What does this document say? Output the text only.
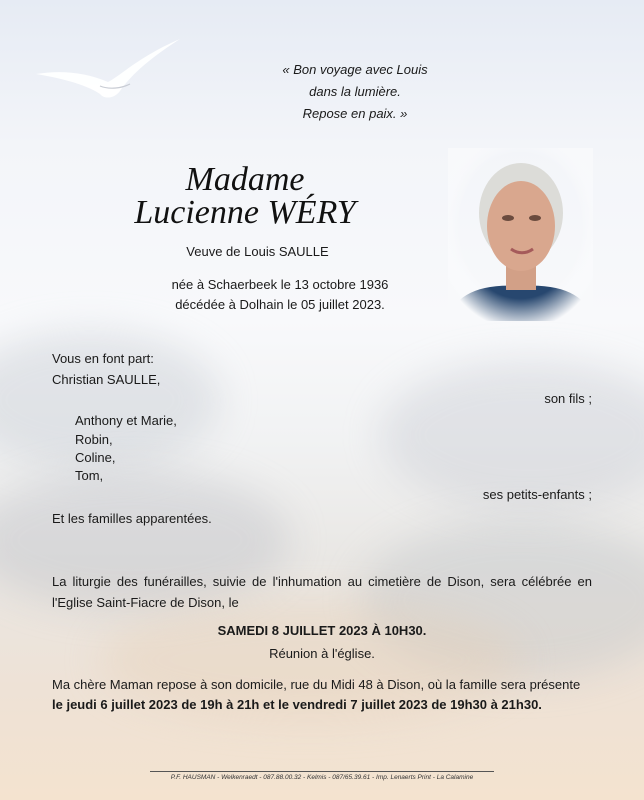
« Bon voyage avec Louis
dans la lumière.
Repose en paix. »
Madame
Lucienne WÉRY
Veuve de Louis SAULLE
née à Schaerbeek le 13 octobre 1936
décédée à Dolhain le 05 juillet 2023.
Vous en font part:
Christian SAULLE,
son fils ;
Anthony et Marie,
Robin,
Coline,
Tom,
ses petits-enfants ;
Et les familles apparentées.
La liturgie des funérailles, suivie de l'inhumation au cimetière de Dison, sera célébrée en l'Eglise Saint-Fiacre de Dison, le
SAMEDI 8 JUILLET 2023 À 10H30.
Réunion à l'église.
Ma chère Maman repose à son domicile, rue du Midi 48 à Dison, où la famille sera présente
le jeudi 6 juillet 2023 de 19h à 21h et le vendredi 7 juillet 2023 de 19h30 à 21h30.
P.F. HAUSMAN - Welkenraedt - 087.88.00.32 - Kelmis - 087/65.39.61 - Imp. Lenaerts Print - La Calamine
